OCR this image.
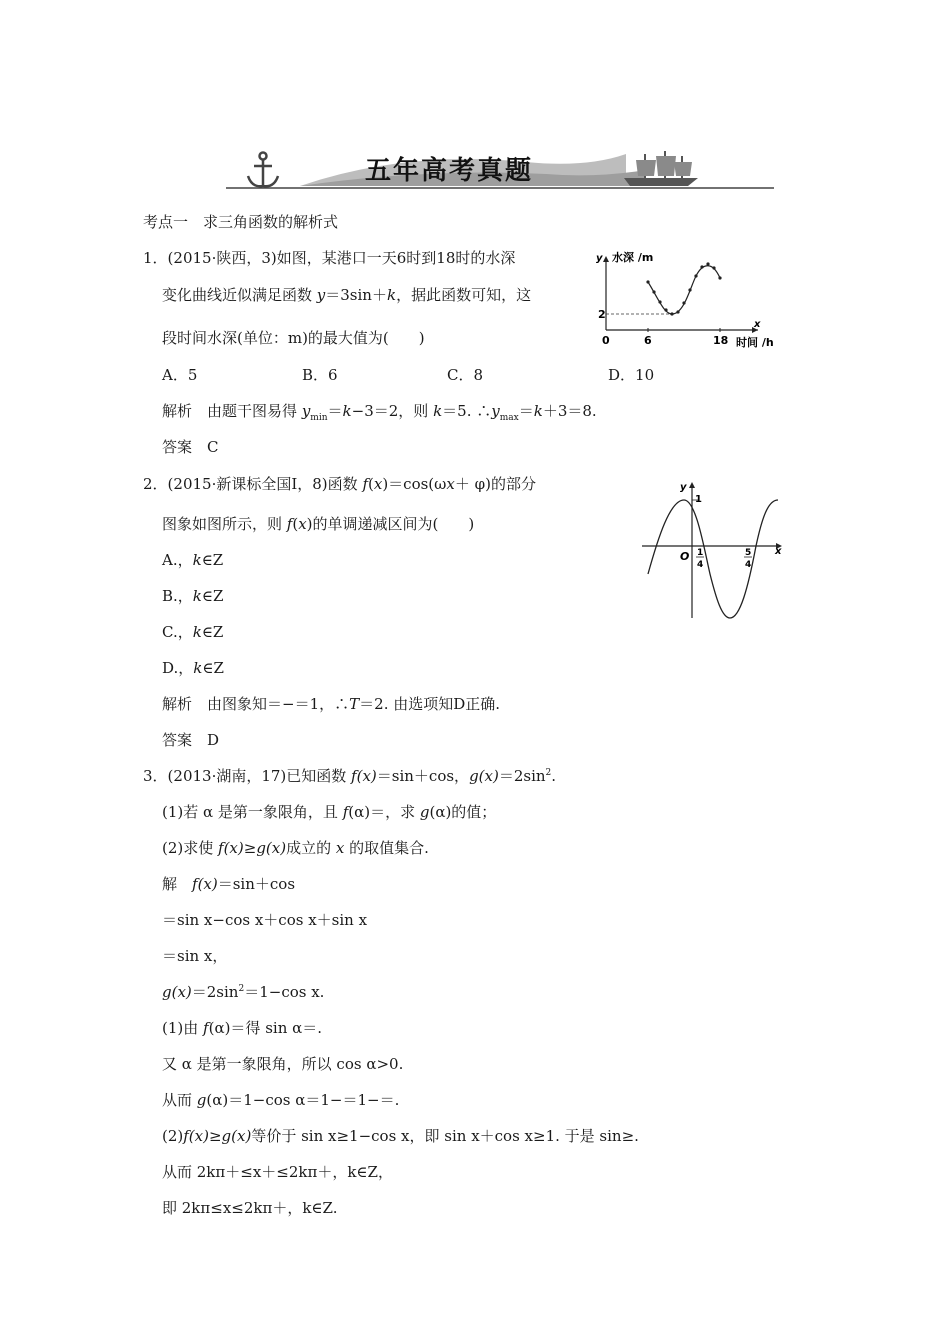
五年高考真题
考点一　求三角函数的解析式
1．(2015·陕西，3)如图，某港口一天6时到18时的水深
变化曲线近似满足函数 y＝3sin＋k，据此函数可知，这
段时间水深(单位：m)的最大值为(　　)
A．5	B．6	C．8	D．10
解析　 由题干图易得 $y_{min}=k-3=2$，则 k＝5. $\therefore y_{max}=k+3=8$.
答案　C
y 水深 /m
x
2
0	6	18 时间 /h
2．(2015·新课标全国Ⅰ，8)函数 f(x)＝cos(ωx＋ φ)的部分
图象如图所示，则 f(x)的单调递减区间为(　　)
A.，k∈Z
B.，k∈Z
C.，k∈Z
D.，k∈Z
解析　 由图象知＝−＝1，∴T＝2. 由选项知D正确.
答案　D
y
1
x
O 1
4
5
4
3．(2013·湖南，17)已知函数 f(x)＝sin＋cos，$g(x)=2\sin^2$.
(1)若 α 是第一象限角，且 f(α)＝，求 g(α)的值；
(2)求使 f(x)≥g(x)成立的 x 的取值集合.
解　f(x)＝sin＋cos
＝sin x−cos x＋cos x＋sin x
＝sin x，
$g(x)=2\sin^2=1-\cos$ x.
(1)由 f(α)＝得 sin α＝.
又 α 是第一象限角，所以 cos α>0.
从而 g(α)＝1−cos α＝1−＝1−＝.
(2)f(x)≥g(x)等价于 sin x≥1−cos x，即 sin x＋cos x≥1. 于是 sin≥.
从而 2kπ＋≤x＋≤2kπ＋，k∈Z，
即 2kπ≤x≤2kπ＋，k∈Z.
